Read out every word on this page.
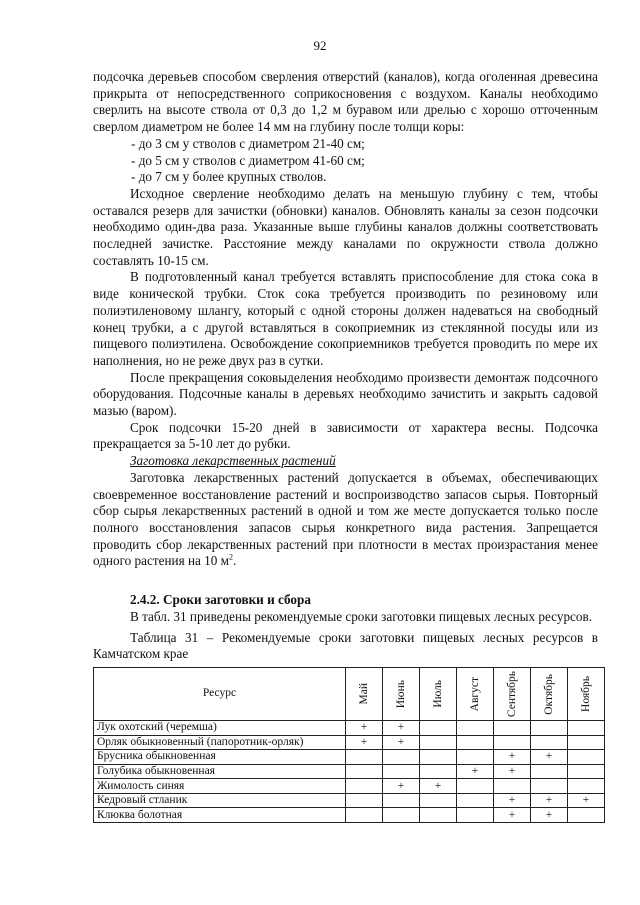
92

подсочка деревьев способом сверления отверстий (каналов), когда оголенная древесина прикрыта от непосредственного соприкосновения с воздухом. Каналы необходимо сверлить на высоте ствола от 0,3 до 1,2 м буравом или дрелью с хорошо отточенным сверлом диаметром не более 14 мм на глубину после толщи коры:

- до 3 см у стволов с диаметром 21-40 см;

- до 5 см у стволов с диаметром 41-60 см;

- до 7 см у более крупных стволов.

Исходное сверление необходимо делать на меньшую глубину с тем, чтобы оставался резерв для зачистки (обновки) каналов. Обновлять каналы за сезон подсочки необходимо один-два раза. Указанные выше глубины каналов должны соответствовать последней зачистке. Расстояние между каналами по окружности ствола должно составлять 10-15 см.

В подготовленный канал требуется вставлять приспособление для стока сока в виде конической трубки. Сток сока требуется производить по резиновому или полиэтиленовому шлангу, который с одной стороны должен надеваться на свободный конец трубки, а с другой вставляться в сокоприемник из стеклянной посуды или из пищевого полиэтилена. Освобождение сокоприемников требуется проводить по мере их наполнения, но не реже двух раз в сутки.

После прекращения соковыделения необходимо произвести демонтаж подсочного оборудования. Подсочные каналы в деревьях необходимо зачистить и закрыть садовой мазью (варом).

Срок подсочки 15-20 дней в зависимости от характера весны. Подсочка прекращается за 5-10 лет до рубки.

Заготовка лекарственных растений

Заготовка лекарственных растений допускается в объемах, обеспечивающих своевременное восстановление растений и воспроизводство запасов сырья. Повторный сбор сырья лекарственных растений в одной и том же месте допускается только после полного восстановления запасов сырья конкретного вида растения. Запрещается проводить сбор лекарственных растений при плотности в местах произрастания менее одного растения на 10 $м^2$.

2.4.2. Сроки заготовки и сбора

В табл. 31 приведены рекомендуемые сроки заготовки пищевых лесных ресурсов.

Таблица 31 – Рекомендуемые сроки заготовки пищевых лесных ресурсов в Камчатском крае

Ресурс	Май	Июнь	Июль	Август	Сентябрь	Октябрь	Ноябрь

Лук охотский (черемша)	+	+					
Орляк обыкновенный (папоротник-орляк)	+	+					
Брусника обыкновенная					+	+	
Голубика обыкновенная				+	+		
Жимолость синяя		+	+				
Кедровый стланик					+	+	+
Клюква болотная					+	+	
